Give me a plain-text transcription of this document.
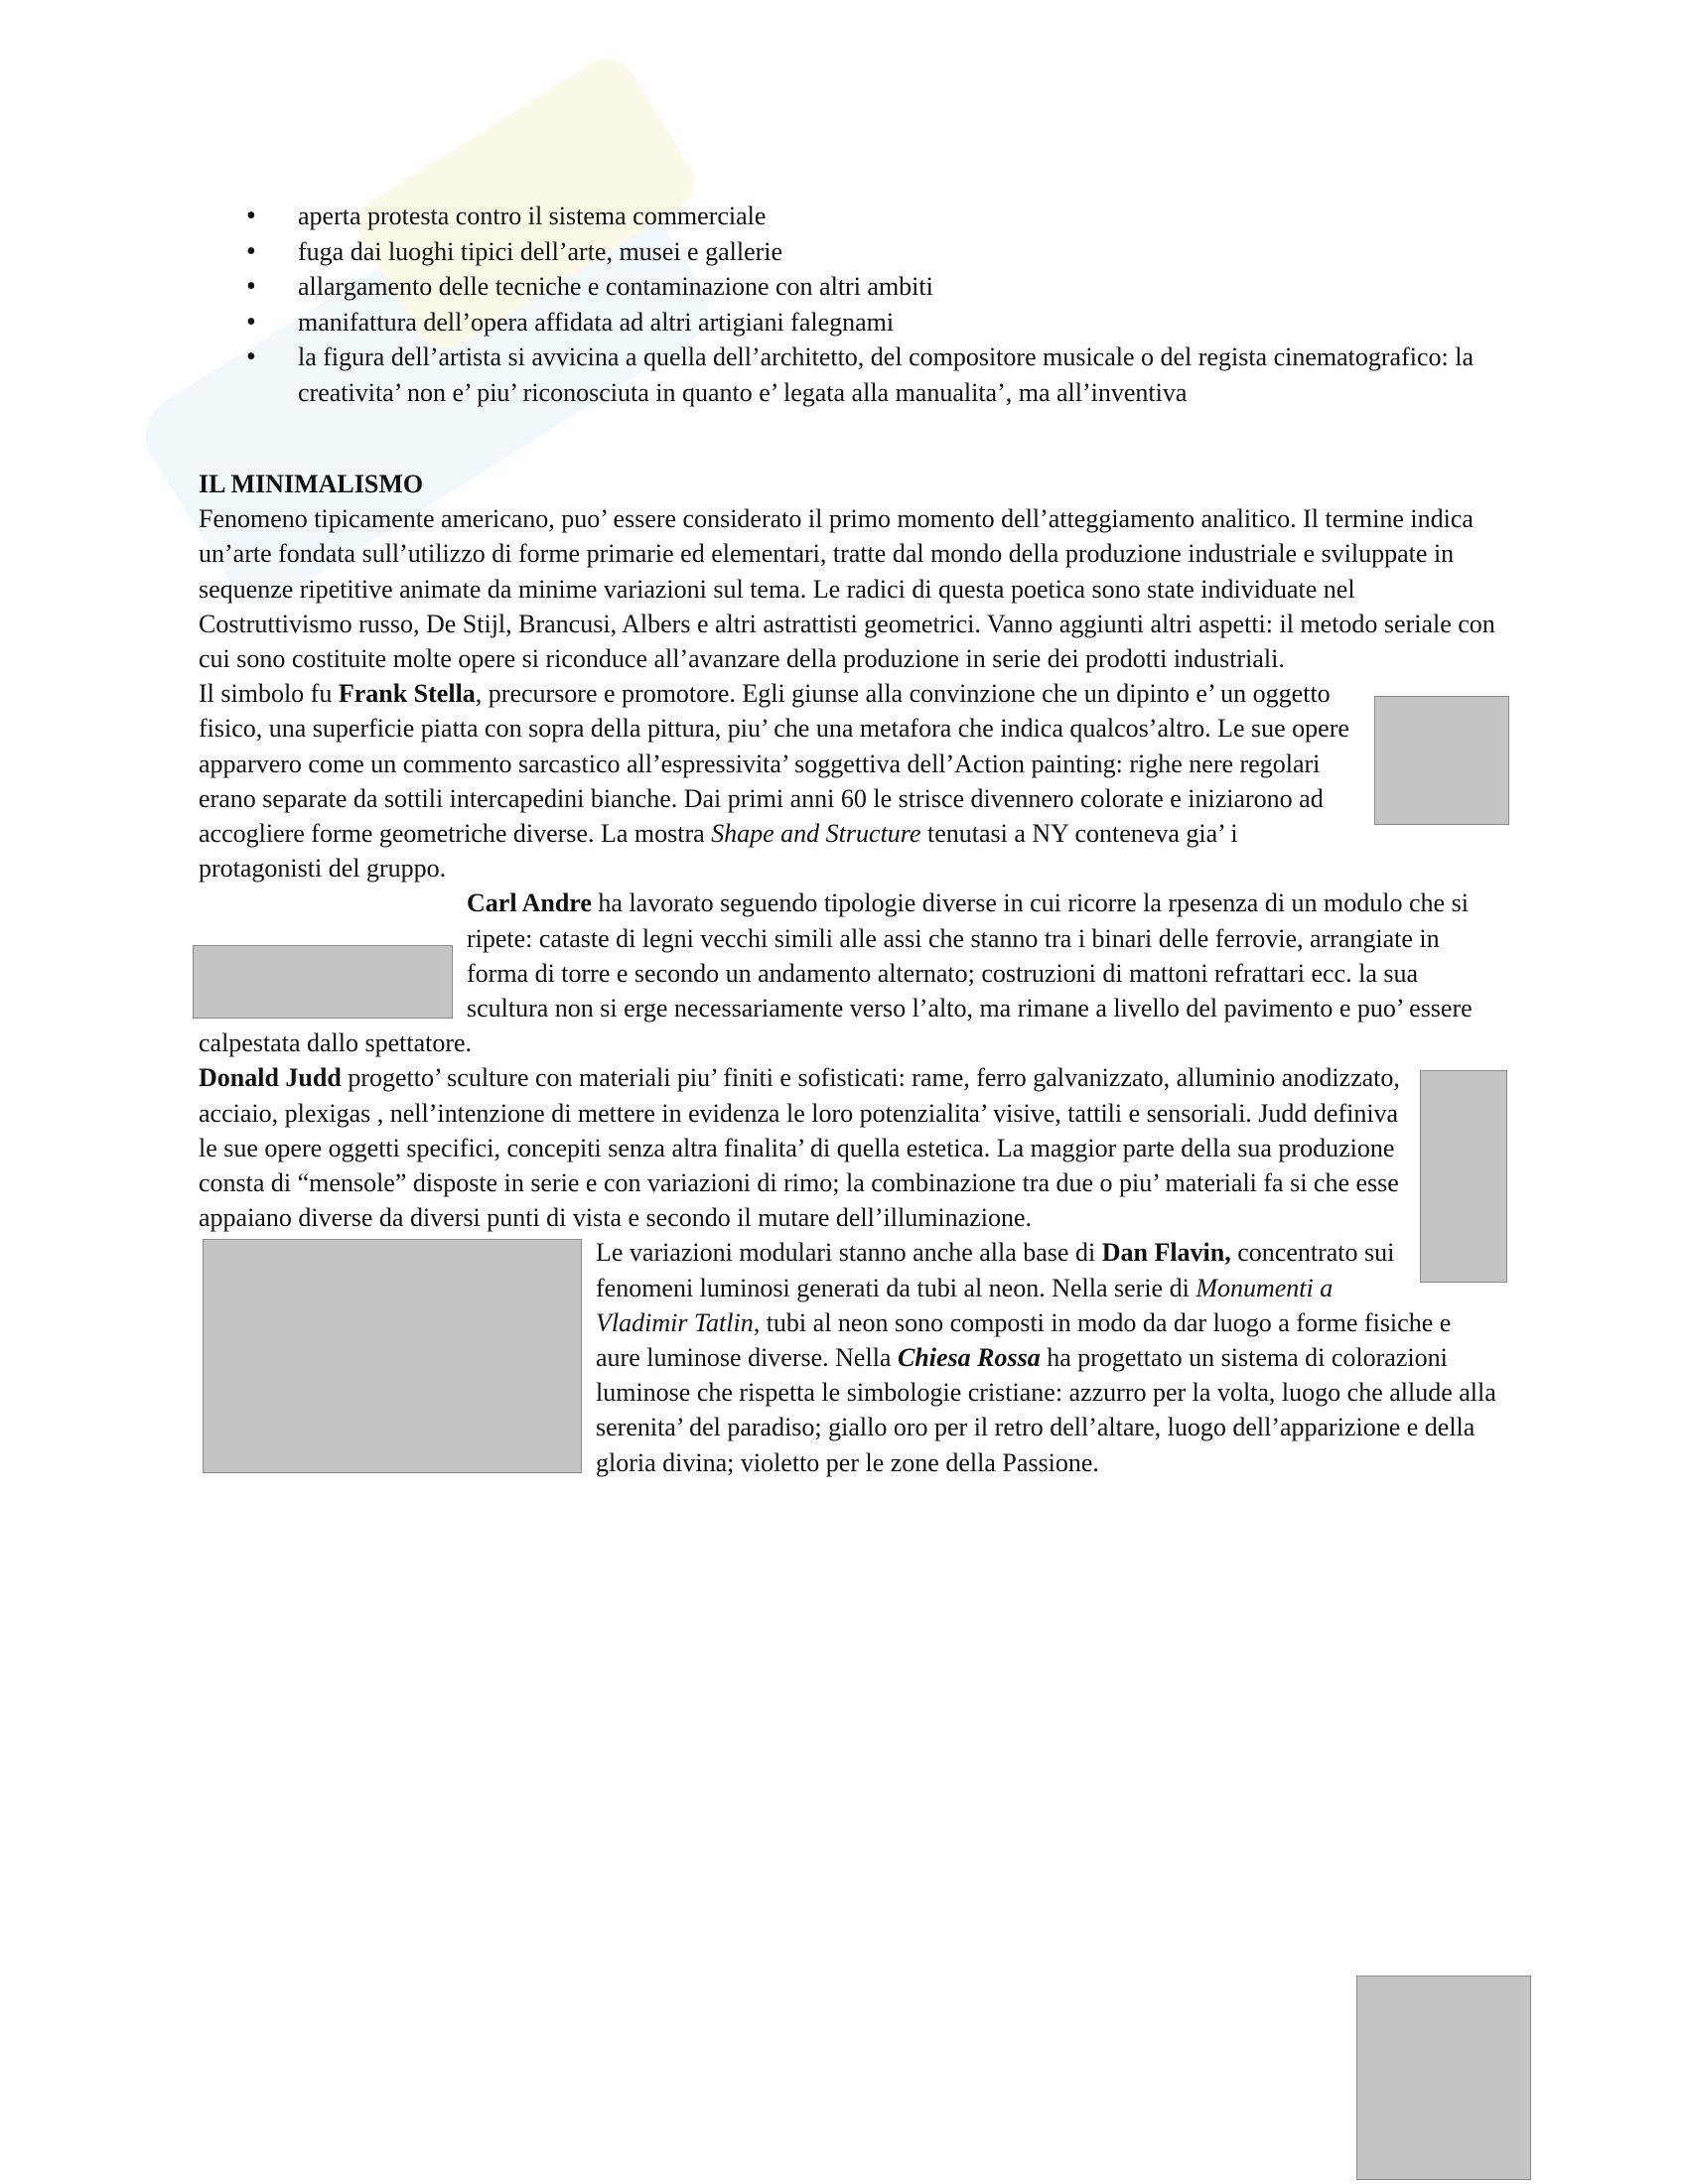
• aperta protesta contro il sistema commerciale
• fuga dai luoghi tipici dell’arte, musei e gallerie
• allargamento delle tecniche e contaminazione con altri ambiti
• manifattura dell’opera affidata ad altri artigiani falegnami
• la figura dell’artista si avvicina a quella dell’architetto, del compositore musicale o del regista cinematografico: la creativita’ non e’ piu’ riconosciuta in quanto e’ legata alla manualita’, ma all’inventiva
IL MINIMALISMO

Fenomeno tipicamente americano, puo’ essere considerato il primo momento dell’atteggiamento analitico. Il termine indica un’arte fondata sull’utilizzo di forme primarie ed elementari, tratte dal mondo della produzione industriale e sviluppate in sequenze ripetitive animate da minime variazioni sul tema. Le radici di questa poetica sono state individuate nel Costruttivismo russo, De Stijl, Brancusi, Albers e altri astrattisti geometrici. Vanno aggiunti altri aspetti: il metodo seriale con cui sono costituite molte opere si riconduce all’avanzare della produzione in serie dei prodotti industriali.

Il simbolo fu Frank Stella, precursore e promotore. Egli giunse alla convinzione che un dipinto e’ un oggetto fisico, una superficie piatta con sopra della pittura, piu’ che una metafora che indica qualcos’altro. Le sue opere apparvero come un commento sarcastico all’espressivita’ soggettiva dell’Action painting: righe nere regolari erano separate da sottili intercapedini bianche. Dai primi anni 60 le strisce divennero colorate e iniziarono ad accogliere forme geometriche diverse. La mostra Shape and Structure tenutasi a NY conteneva gia’ i protagonisti del gruppo.

Carl Andre ha lavorato seguendo tipologie diverse in cui ricorre la rpesenza di un modulo che si ripete: cataste di legni vecchi simili alle assi che stanno tra i binari delle ferrovie, arrangiate in forma di torre e secondo un andamento alternato; costruzioni di mattoni refrattari ecc. la sua scultura non si erge necessariamente verso l’alto, ma rimane a livello del pavimento e puo’ essere calpestata dallo spettatore.

Donald Judd progetto’ sculture con materiali piu’ finiti e sofisticati: rame, ferro galvanizzato, alluminio anodizzato, acciaio, plexigas , nell’intenzione di mettere in evidenza le loro potenzialita’ visive, tattili e sensoriali. Judd definiva le sue opere oggetti specifici, concepiti senza altra finalita’ di quella estetica. La maggior parte della sua produzione consta di “mensole” disposte in serie e con variazioni di rimo; la combinazione tra due o piu’ materiali fa si che esse appaiano diverse da diversi punti di vista e secondo il mutare dell’illuminazione.

Le variazioni modulari stanno anche alla base di Dan Flavin, concentrato sui fenomeni luminosi generati da tubi al neon. Nella serie di Monumenti a Vladimir Tatlin, tubi al neon sono composti in modo da dar luogo a forme fisiche e aure luminose diverse. Nella Chiesa Rossa ha progettato un sistema di colorazioni luminose che rispetta le simbologie cristiane: azzurro per la volta, luogo che allude alla serenita’ del paradiso; giallo oro per il retro dell’altare, luogo dell’apparizione e della gloria divina; violetto per le zone della Passione.
